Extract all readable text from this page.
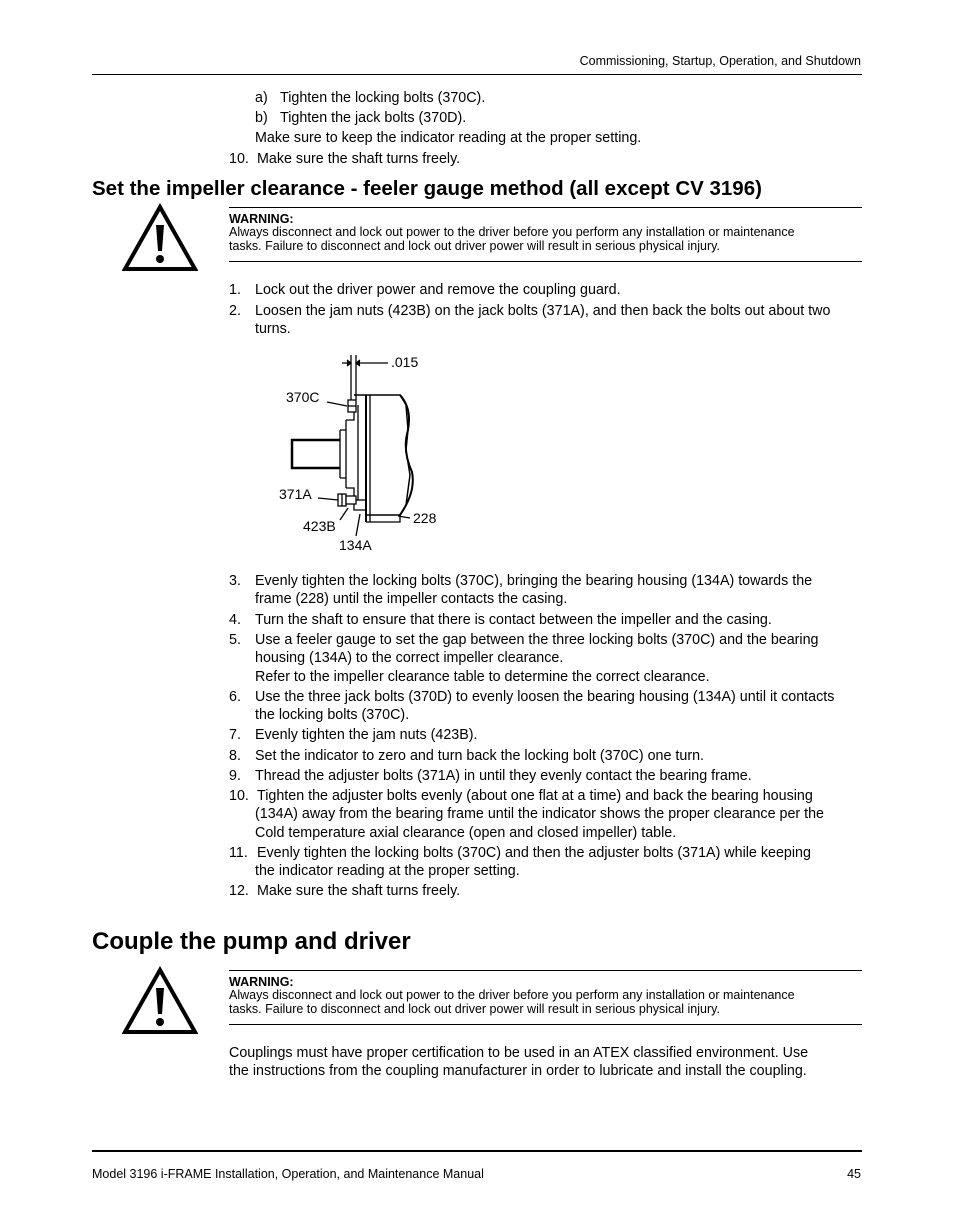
Commissioning, Startup, Operation, and Shutdown
a) Tighten the locking bolts (370C).
b) Tighten the jack bolts (370D).
Make sure to keep the indicator reading at the proper setting.
10. Make sure the shaft turns freely.
Set the impeller clearance - feeler gauge method (all except CV 3196)
WARNING:
Always disconnect and lock out power to the driver before you perform any installation or maintenance
tasks. Failure to disconnect and lock out driver power will result in serious physical injury.
1. Lock out the driver power and remove the coupling guard.
2. Loosen the jam nuts (423B) on the jack bolts (371A), and then back the bolts out about two
turns.
.015
370C
371A
423B
134A
228
3. Evenly tighten the locking bolts (370C), bringing the bearing housing (134A) towards the
frame (228) until the impeller contacts the casing.
4. Turn the shaft to ensure that there is contact between the impeller and the casing.
5. Use a feeler gauge to set the gap between the three locking bolts (370C) and the bearing
housing (134A) to the correct impeller clearance.
Refer to the impeller clearance table to determine the correct clearance.
6. Use the three jack bolts (370D) to evenly loosen the bearing housing (134A) until it contacts
the locking bolts (370C).
7. Evenly tighten the jam nuts (423B).
8. Set the indicator to zero and turn back the locking bolt (370C) one turn.
9. Thread the adjuster bolts (371A) in until they evenly contact the bearing frame.
10. Tighten the adjuster bolts evenly (about one flat at a time) and back the bearing housing
(134A) away from the bearing frame until the indicator shows the proper clearance per the
Cold temperature axial clearance (open and closed impeller) table.
11. Evenly tighten the locking bolts (370C) and then the adjuster bolts (371A) while keeping
the indicator reading at the proper setting.
12. Make sure the shaft turns freely.
Couple the pump and driver
WARNING:
Always disconnect and lock out power to the driver before you perform any installation or maintenance
tasks. Failure to disconnect and lock out driver power will result in serious physical injury.
Couplings must have proper certification to be used in an ATEX classified environment. Use
the instructions from the coupling manufacturer in order to lubricate and install the coupling.
Model 3196 i-FRAME Installation, Operation, and Maintenance Manual	45
